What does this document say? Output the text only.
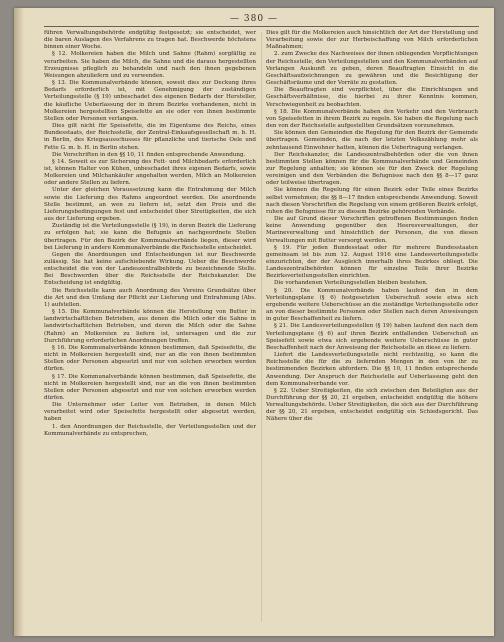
— 380 —

führen Verwaltungsbehörde endgültig festgesetzt; sie entscheidet, wer die baren Auslagen des Verfahrens zu tragen hat. Beschwerde höchstens binnen einer Woche.

§ 12. Molkereien haben die Milch und Sahne (Rahm) sorgfältig zu verarbeiten. Sie haben die Milch, die Sahne und die daraus hergestellten Erzeugnisse pfleglich zu behandeln und nach den ihnen gegebenen Weisungen abzuliefern und zu verwenden.

§ 13. Die Kommunalverbände können, soweit dies zur Deckung ihres Bedarfs erforderlich ist, mit Genehmigung der zuständigen Verteilungsstelle (§ 19) unbeschadet des eigenen Bedarfs der Hersteller, die käufliche Ueberlassung der in ihrem Bezirke vorhandenen, nicht in Molkereien hergestellten Speisefette an sie oder von ihnen bestimmte Stellen oder Personen verlangen.

Dies gilt nicht für Speisefette, die im Eigentume des Reichs, eines Bundesstaats, der Reichsstelle, der Zentral-Einkaufsgesellschaft m. b. H. in Berlin, des Kriegsausschusses für pflanzliche und tierische Oele und Fette G. m. b. H. in Berlin stehen.

Die Vorschriften in den §§ 10, 11 finden entsprechende Anwendung.

§ 14. Soweit es zur Sicherung des Fett- und Milchbedarfs erforderlich ist, können Halter von Kühen, unbeschadet ihres eigenen Bedarfs, sowie Molkereien und Milchankäufer angehalten werden, Milch an Molkereien oder andere Stellen zu liefern.

Unter der gleichen Voraussetzung kann die Entrahmung der Milch sowie die Lieferung des Rahms angeordnet werden. Die anordnende Stelle bestimmt, an wen zu liefern ist, setzt den Preis und die Lieferungsbedingungen fest und entscheidet über Streitigkeiten, die sich aus der Lieferung ergeben.

Zuständig ist die Verteilungsstelle (§ 19), in deren Bezirk die Lieferung zu erfolgen hat; sie kann die Befugnis an nachgeordnete Stellen übertragen. Für den Bezirk der Kommunalverbände liegen, dieser wird bei Lieferung in andere Kommunalverbände die Reichsstelle entscheidet.

Gegen die Anordnungen und Entscheidungen ist nur Beschwerde zulässig. Sie hat keine aufschiebende Wirkung. Ueber die Beschwerde entscheidet die von der Landeszentralbehörde zu bezeichnende Stelle. Bei Beschwerden über die Reichsstelle der Reichskanzler. Die Entscheidung ist endgültig.

Die Reichsstelle kann auch Anordnung des Vereins Grundsätze über die Art und den Umfang der Pflicht zur Lieferung und Entrahmung (Abs. 1) aufstellen.

§ 15. Die Kommunalverbände können die Herstellung von Butter in landwirtschaftlichen Betrieben, aus denen die Milch oder die Sahne in landwirtschaftlichen Betrieben, und deren die Milch oder die Sahne (Rahm) an Molkereien zu liefern ist, untersagen und die zur Durchführung erforderlichen Anordnungen treffen.

§ 16. Die Kommunalverbände können bestimmen, daß Speisefette, die nicht in Molkereien hergestellt sind, nur an die von ihnen bestimmten Stellen oder Personen abgesetzt und nur von solchen erworben werden dürfen.

§ 17. Die Kommunalverbände können bestimmen, daß Speisefette, die nicht in Molkereien hergestellt sind, nur an die von ihnen bestimmten Stellen oder Personen abgesetzt und nur von solchen erworben werden dürfen.

Die Unternehmer oder Leiter von Betrieben, in denen Milch verarbeitet wird oder Speisefette hergestellt oder abgesetzt werden, haben

1. den Anordnungen der Reichsstelle, der Verteilungsstellen und der Kommunalverbände zu entsprechen,

Dies gilt für die Molkereien auch hinsichtlich der Art der Herstellung und Verarbeitung sowie der zur Herbeischaffung von Milch erforderlichen Maßnahmen;

2. zum Zwecke des Nachweises der ihnen obliegenden Verpflichtungen der Reichsstelle, den Verteilungsstellen und den Kommunalverbänden auf Verlangen Auskunft zu geben, deren Beauftragten Einsicht in die Geschäftsaufzeichnungen zu gewähren und die Besichtigung der Geschäftsräume und der Vorräte zu gestatten.

Die Beauftragten sind verpflichtet, über die Einrichtungen und Geschäftsverhältnisse, die hierbei zu ihrer Kenntnis kommen, Verschwiegenheit zu beobachten.

§ 18. Die Kommunalverbände haben den Verkehr und den Verbrauch von Speisefetten in ihrem Bezirk zu regeln. Sie haben die Regelung nach den von der Reichsstelle aufgestellten Grundsätzen vorzunehmen.

Sie können den Gemeinden die Regelung für den Bezirk der Gemeinde übertragen. Gemeinden, die nach der letzten Volkszählung mehr als zehntausend Einwohner hatten, können die Uebertragung verlangen.

Der Reichskanzler, die Landeszentralbehörden oder die von ihnen bestimmten Stellen können für die Kommunalverbände und Gemeinden zur Regelung anhalten; sie können sie für den Zweck der Regelung vereinigen und den Verbänden die Befugnisse nach den §§ 8—17 ganz oder teilweise übertragen.

Sie können die Regelung für einen Bezirk oder Teile eines Bezirks selbst vornehmen; die §§ 8—17 finden entsprechende Anwendung. Soweit nach diesen Vorschriften die Regelung von einem größeren Bezirk erfolgt, ruhen die Befugnisse für zu diesem Bezirke gehörenden Verbände.

Die auf Grund dieser Vorschriften getroffenen Bestimmungen finden keine Anwendung gegenüber den Heeresverwaltungen, der Marineverwaltung und hinsichtlich der Personen, die von diesen Verwaltungen mit Butter versorgt werden.

§ 19. Für jeden Bundesstaat oder für mehrere Bundesstaaten gemeinsam ist bis zum 12. August 1916 eine Landesverteilungsstelle einzurichten, der der Ausgleich innerhalb ihres Bezirkes obliegt. Die Landeszentralbehörden können für einzelne Teile ihrer Bezirke Bezirksverteilungsstellen einrichten.

Die vorhandenen Verteilungsstellen bleiben bestehen.

§ 20. Die Kommunalverbände haben laufend den in dem Verteilungsplane (§ 6) festgesetzten Ueberschuß sowie etwa sich ergebende weitere Ueberschüsse an die zuständige Verteilungsstelle oder an von dieser bestimmte Personen oder Stellen nach deren Anweisungen in guter Beschaffenheit zu liefern.

§ 21. Die Landesverteilungsstellen (§ 19) haben laufend den nach dem Verteilungsplane (§ 6) auf ihren Bezirk entfallenden Ueberschuß an Speisefett sowie etwa sich ergebende weitere Ueberschüsse in guter Beschaffenheit nach der Anweisung der Reichsstelle an diese zu liefern.

Liefert die Landesverteilungsstelle nicht rechtzeitig, so kann die Reichsstelle die für die zu liefernden Mengen in den von ihr zu bestimmenden Bezirken abfordern. Die §§ 10, 11 finden entsprechende Anwendung. Der Anspruch der Reichsstelle auf Ueberlassung geht den dem Kommunalverbande vor.

§ 22. Ueber Streitigkeiten, die sich zwischen den Beteiligten aus der Durchführung der §§ 20, 21 ergeben, entscheidet endgültig die höhere Verwaltungsbehörde. Ueber Streitigkeiten, die sich aus der Durchführung der §§ 20, 21 ergeben, entscheidet endgültig ein Schiedsgericht. Das Nähere über die
